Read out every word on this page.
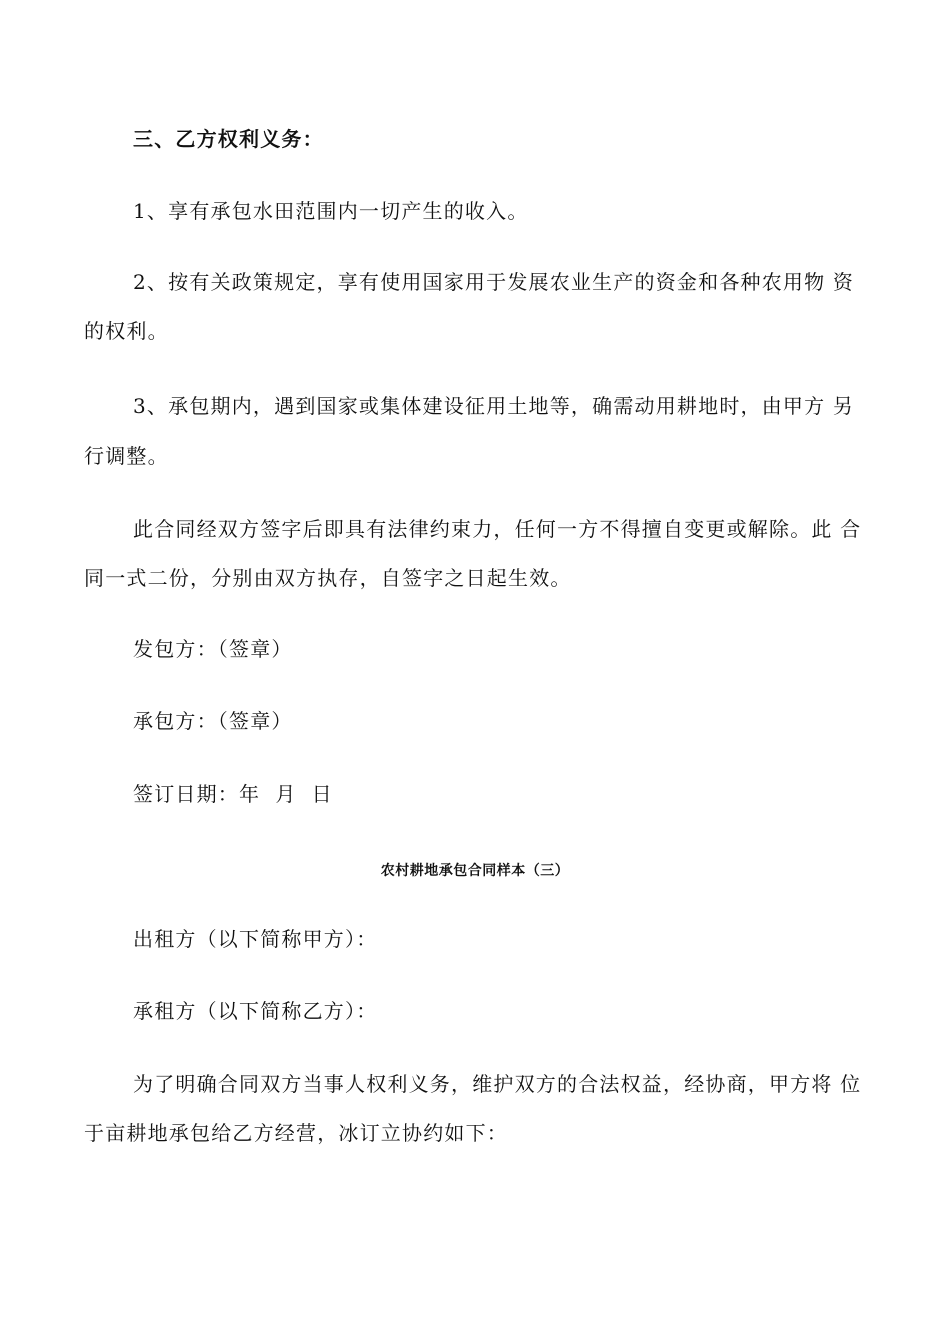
三、乙方权利义务：
1、享有承包水田范围内一切产生的收入。
2、按有关政策规定，享有使用国家用于发展农业生产的资金和各种农用物 资
的权利。
3、承包期内，遇到国家或集体建设征用土地等，确需动用耕地时，由甲方 另
行调整。
此合同经双方签字后即具有法律约束力，任何一方不得擅自变更或解除。此 合
同一式二份，分别由双方执存，自签字之日起生效。
发包方：（签章）
承包方：（签章）
签订日期：年  月  日
农村耕地承包合同样本（三）
出租方（以下简称甲方）：
承租方（以下简称乙方）：
为了明确合同双方当事人权利义务，维护双方的合法权益，经协商，甲方将 位
于亩耕地承包给乙方经营，冰订立协约如下：
